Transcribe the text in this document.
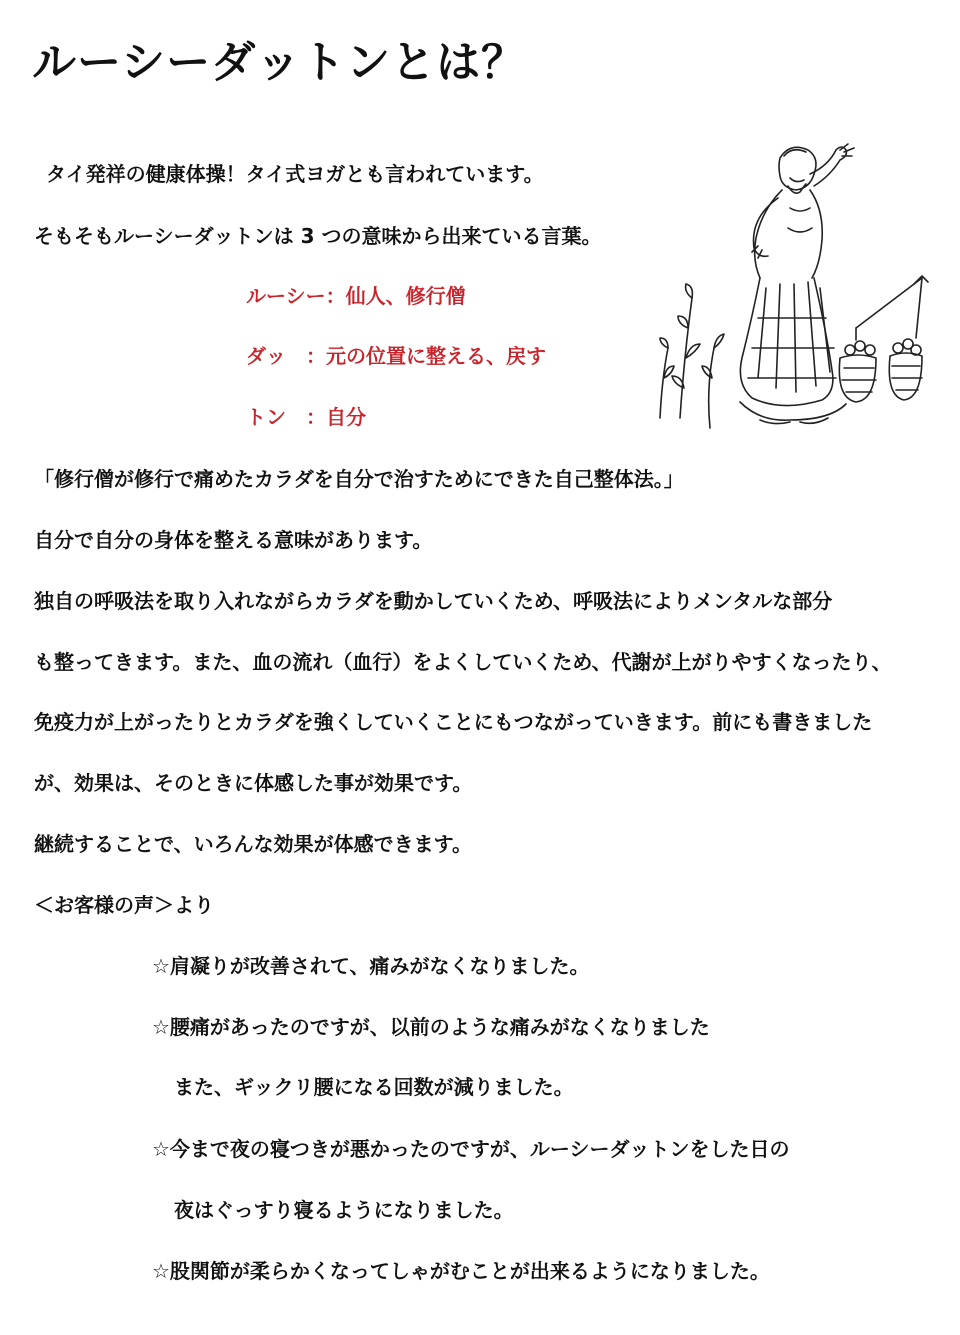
ルーシーダットンとは？
タイ発祥の健康体操！タイ式ヨガとも言われています。
そもそもルーシーダットンは 3 つの意味から出来ている言葉。
ルーシー：仙人、修行僧
ダッ　：元の位置に整える、戻す
トン　：自分
「修行僧が修行で痛めたカラダを自分で治すためにできた自己整体法。」
自分で自分の身体を整える意味があります。
独自の呼吸法を取り入れながらカラダを動かしていくため、呼吸法によりメンタルな部分
も整ってきます。また、血の流れ（血行）をよくしていくため、代謝が上がりやすくなったり、
免疫力が上がったりとカラダを強くしていくことにもつながっていきます。前にも書きました
が、効果は、そのときに体感した事が効果です。
継続することで、いろんな効果が体感できます。
＜お客様の声＞より
☆肩凝りが改善されて、痛みがなくなりました。
☆腰痛があったのですが、以前のような痛みがなくなりました
また、ギックリ腰になる回数が減りました。
☆今まで夜の寝つきが悪かったのですが、ルーシーダットンをした日の
夜はぐっすり寝るようになりました。
☆股関節が柔らかくなってしゃがむことが出来るようになりました。
